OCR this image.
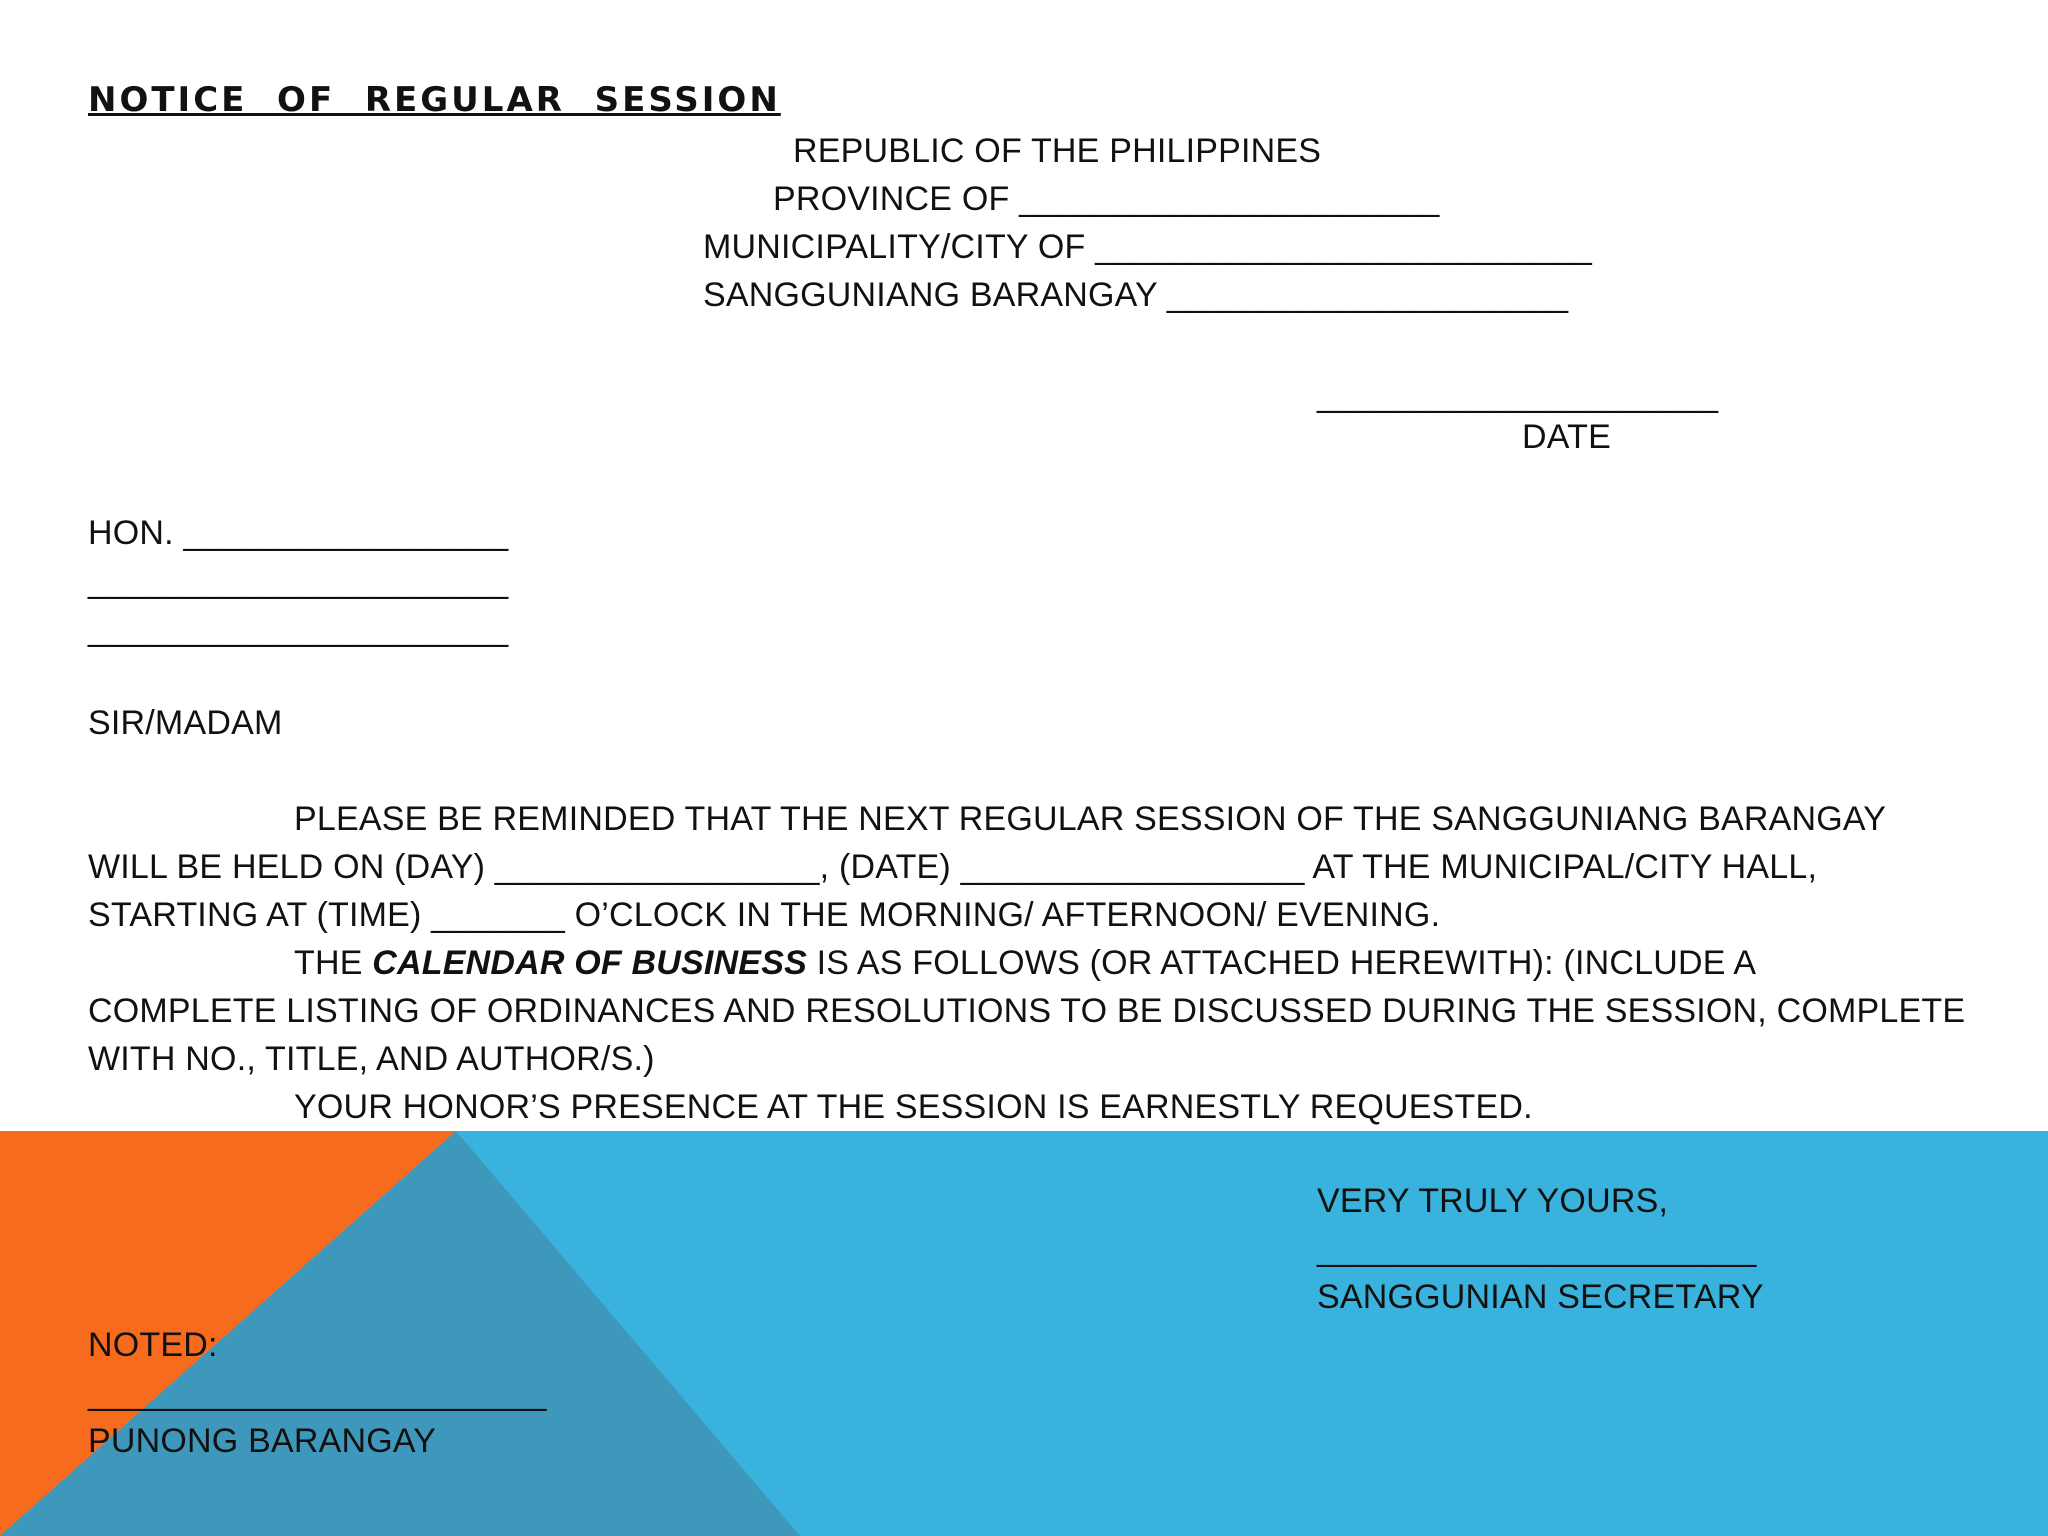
NOTICE  OF  REGULAR  SESSION
REPUBLIC OF THE PHILIPPINES
PROVINCE OF ______________________
MUNICIPALITY/CITY OF __________________________
SANGGUNIANG BARANGAY _____________________
_____________________
DATE
HON. _________________
______________________
______________________
SIR/MADAM
PLEASE BE REMINDED THAT THE NEXT REGULAR SESSION OF THE SANGGUNIANG BARANGAY
WILL BE HELD ON (DAY) _________________, (DATE) __________________ AT THE MUNICIPAL/CITY HALL,
STARTING AT (TIME) _______ O’CLOCK IN THE MORNING/ AFTERNOON/ EVENING.
THE CALENDAR OF BUSINESS IS AS FOLLOWS (OR ATTACHED HEREWITH): (INCLUDE A
COMPLETE LISTING OF ORDINANCES AND RESOLUTIONS TO BE DISCUSSED DURING THE SESSION, COMPLETE
WITH NO., TITLE, AND AUTHOR/S.)
YOUR HONOR’S PRESENCE AT THE SESSION IS EARNESTLY REQUESTED.
VERY TRULY YOURS,
_______________________
SANGGUNIAN SECRETARY
NOTED:
________________________
PUNONG BARANGAY
